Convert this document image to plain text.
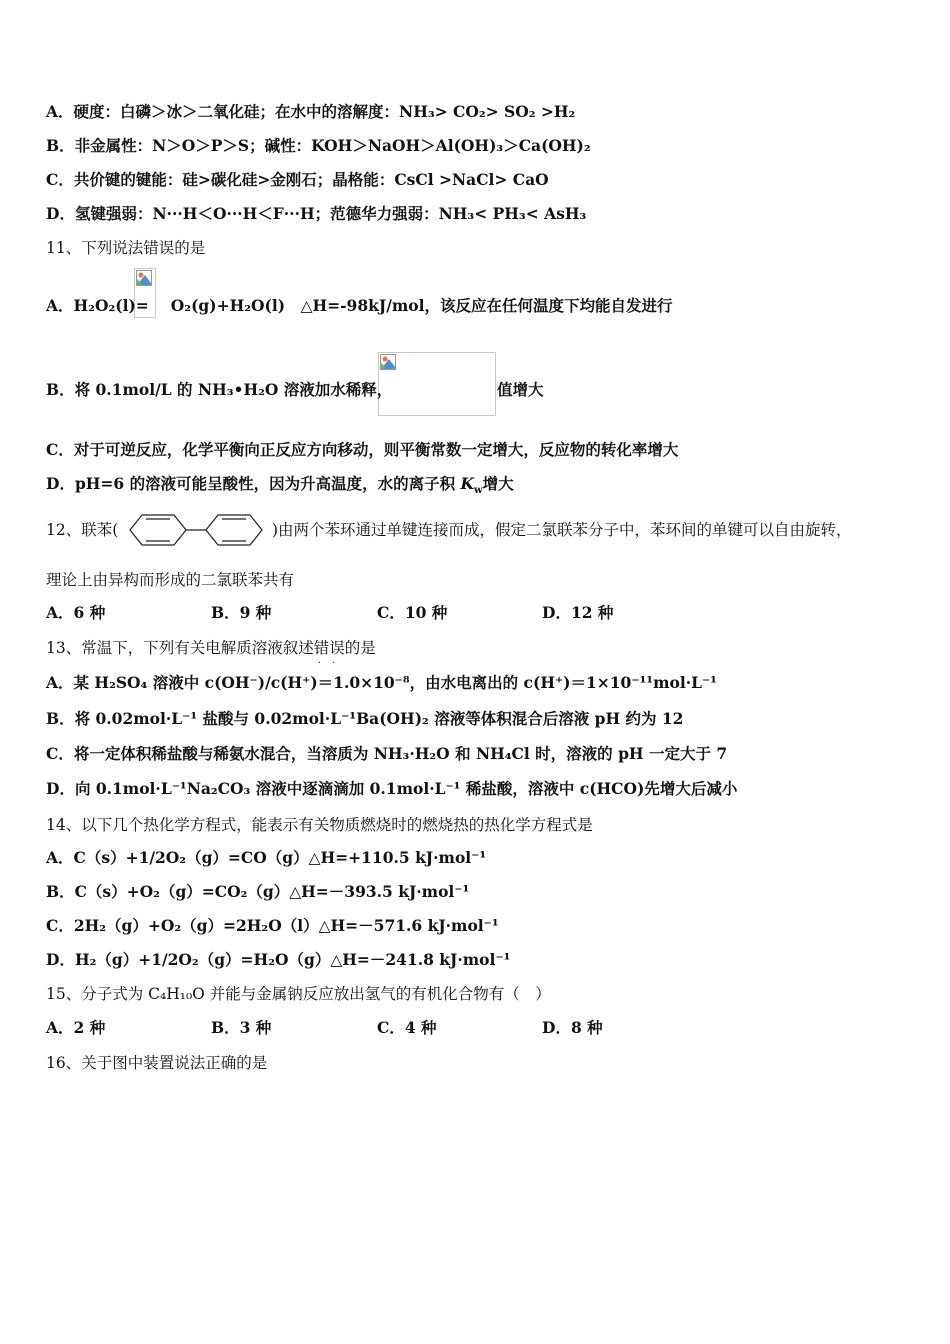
A．硬度：白磷＞冰＞二氧化硅；在水中的溶解度：NH₃> CO₂> SO₂ >H₂
B．非金属性：N＞O＞P＞S；碱性：KOH＞NaOH＞Al(OH)₃＞Ca(OH)₂
C．共价键的键能：硅>碳化硅>金刚石；晶格能：CsCl >NaCl> CaO
D．氢键强弱：N···H＜O···H＜F···H；范德华力强弱：NH₃< PH₃< AsH₃
11、下列说法错误的是
A．H₂O₂(l)= O₂(g)+H₂O(l)　△H=-98kJ/mol，该反应在任何温度下均能自发进行
B．将 0.1mol/L 的 NH₃•H₂O 溶液加水稀释，	值增大
C．对于可逆反应，化学平衡向正反应方向移动，则平衡常数一定增大，反应物的转化率增大
D．pH=6 的溶液可能呈酸性，因为升高温度，水的离子积 $K_w$增大
12、联苯(	)由两个苯环通过单键连接而成，假定二氯联苯分子中，苯环间的单键可以自由旋转，
理论上由异构而形成的二氯联苯共有
A．6 种	B．9 种	C．10 种	D．12 种
13、常温下，下列有关电解质溶液叙述错误 . .的是
A．某 H₂SO₄ 溶液中 c(OH⁻)/c(H⁺)＝1.0×10⁻⁸，由水电离出的 c(H⁺)＝1×10⁻¹¹mol·L⁻¹
B．将 0.02mol·L⁻¹ 盐酸与 0.02mol·L⁻¹Ba(OH)₂ 溶液等体积混合后溶液 pH 约为 12
C．将一定体积稀盐酸与稀氨水混合，当溶质为 NH₃·H₂O 和 NH₄Cl 时，溶液的 pH 一定大于 7
D．向 0.1mol·L⁻¹Na₂CO₃ 溶液中逐滴滴加 0.1mol·L⁻¹ 稀盐酸，溶液中 c(HCO)先增大后减小
14、以下几个热化学方程式，能表示有关物质燃烧时的燃烧热的热化学方程式是
A．C（s）+1/2O₂（g）=CO（g）△H=+110.5 kJ·mol⁻¹
B．C（s）+O₂（g）=CO₂（g）△H=－393.5 kJ·mol⁻¹
C．2H₂（g）+O₂（g）=2H₂O（l）△H=－571.6 kJ·mol⁻¹
D．H₂（g）+1/2O₂（g）=H₂O（g）△H=－241.8 kJ·mol⁻¹
15、分子式为 C₄H₁₀O 并能与金属钠反应放出氢气的有机化合物有（　）
A．2 种	B．3 种	C．4 种	D．8 种
16、关于图中装置说法正确的是
